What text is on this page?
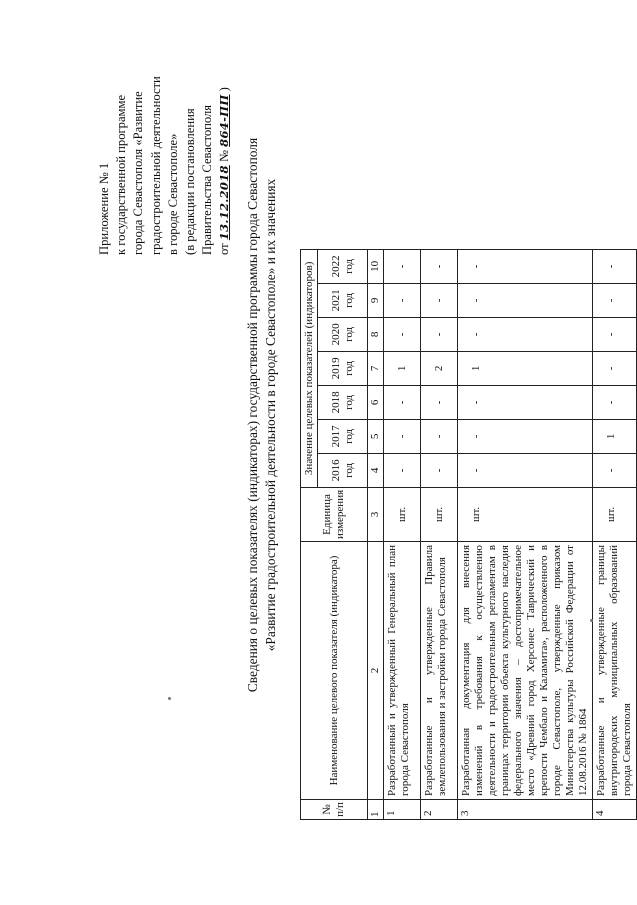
Приложение № 1 к государственной программе города Севастополя «Развитие градостроительной деятельности в городе Севастополе» (в редакции постановления Правительства Севастополя от 13.12.2018 № 864-ПП )
Сведения о целевых показателях (индикаторах) государственной программы города Севастополя «Развитие градостроительной деятельности в городе Севастополе» и их значениях
№ п/п	Наименование целевого показателя (индикатора)	Единица измерения	Значение целевых показателей (индикаторов)						
			2016 год	2017 год	2018 год	2019 год	2020 год	2021 год	2022 год
1	2	3	4	5	6	7	8	9	10
1	Разработанный и утвержденный Генеральный план города Севастополя	шт.	-	-	-	1	-	-	-
2	Разработанные и утвержденные Правила землепользования и застройки города Севастополя	шт.	-	-	-	2	-	-	-
3	Разработанная документация для внесения изменений в требования к осуществлению деятельности и градостроительным регламентам в границах территории объекта культурного наследия федерального значения – достопримечательное место «Древний город Херсонес Таврический и крепости Чембало и Каламита», расположенного в городе Севастополе, утвержденные приказом Министерства культуры Российской Федерации от 12.08.2016 № 1864	шт.	-	-	-	1	-	-	-
4	Разработанные и утвержденные границы внутригородских муниципальных образований города Севастополя	шт.	-	1	-	-	-	-	-
